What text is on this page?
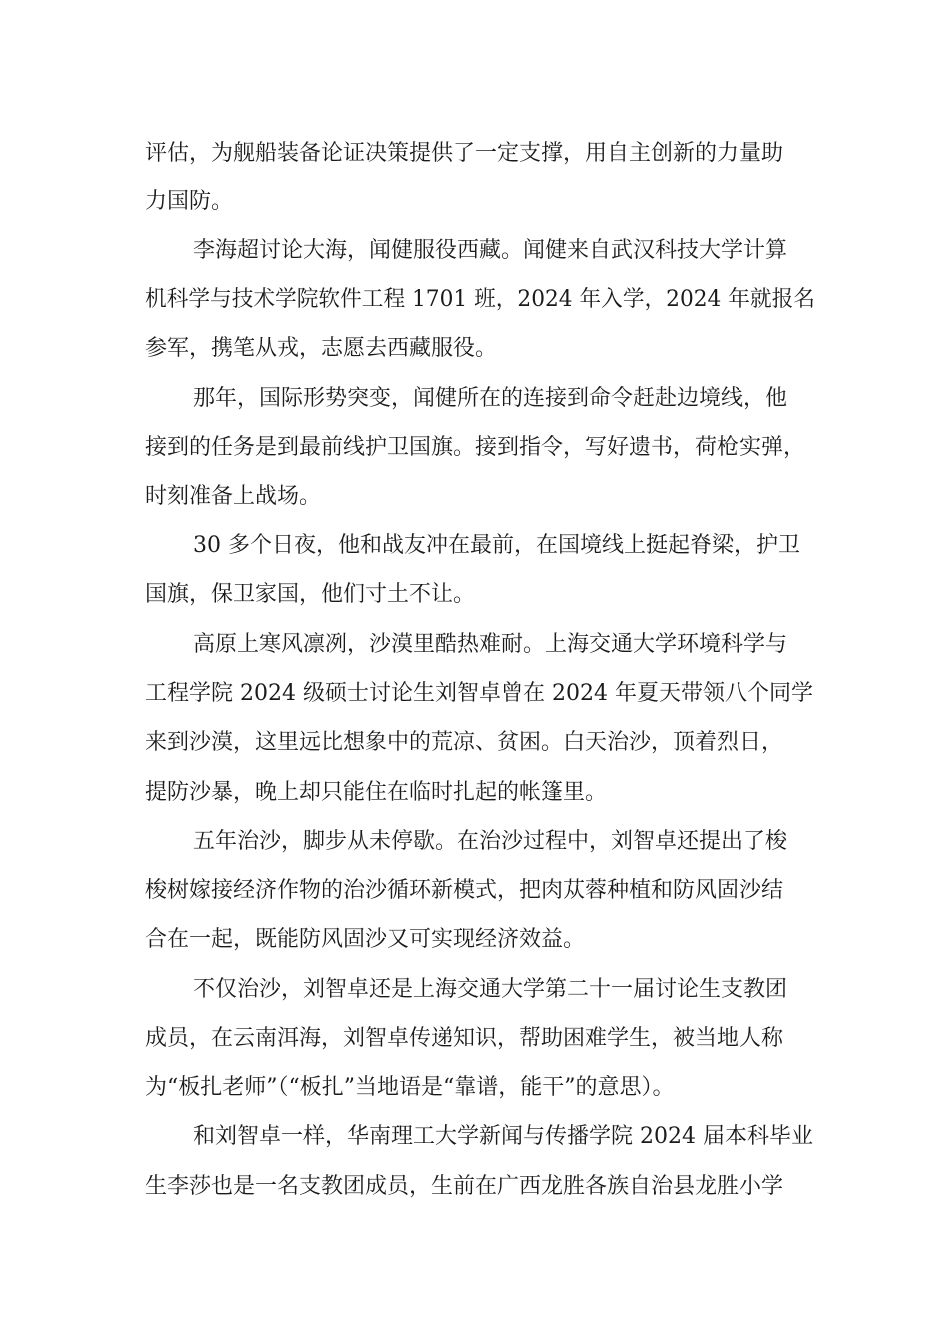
评估，为舰船装备论证决策提供了一定支撑，用自主创新的力量助
力国防。
李海超讨论大海，闻健服役西藏。闻健来自武汉科技大学计算
机科学与技术学院软件工程 1701 班，2024 年入学，2024 年就报名
参军，携笔从戎，志愿去西藏服役。
那年，国际形势突变，闻健所在的连接到命令赶赴边境线，他
接到的任务是到最前线护卫国旗。接到指令，写好遗书，荷枪实弹，
时刻准备上战场。
30 多个日夜，他和战友冲在最前，在国境线上挺起脊梁，护卫
国旗，保卫家国，他们寸土不让。
高原上寒风凛冽，沙漠里酷热难耐。上海交通大学环境科学与
工程学院 2024 级硕士讨论生刘智卓曾在 2024 年夏天带领八个同学
来到沙漠，这里远比想象中的荒凉、贫困。白天治沙，顶着烈日，
提防沙暴，晚上却只能住在临时扎起的帐篷里。
五年治沙，脚步从未停歇。在治沙过程中，刘智卓还提出了梭
梭树嫁接经济作物的治沙循环新模式，把肉苁蓉种植和防风固沙结
合在一起，既能防风固沙又可实现经济效益。
不仅治沙，刘智卓还是上海交通大学第二十一届讨论生支教团
成员，在云南洱海，刘智卓传递知识，帮助困难学生，被当地人称
为“板扎老师”（“板扎”当地语是“靠谱，能干”的意思）。
和刘智卓一样，华南理工大学新闻与传播学院 2024 届本科毕业
生李莎也是一名支教团成员，生前在广西龙胜各族自治县龙胜小学
